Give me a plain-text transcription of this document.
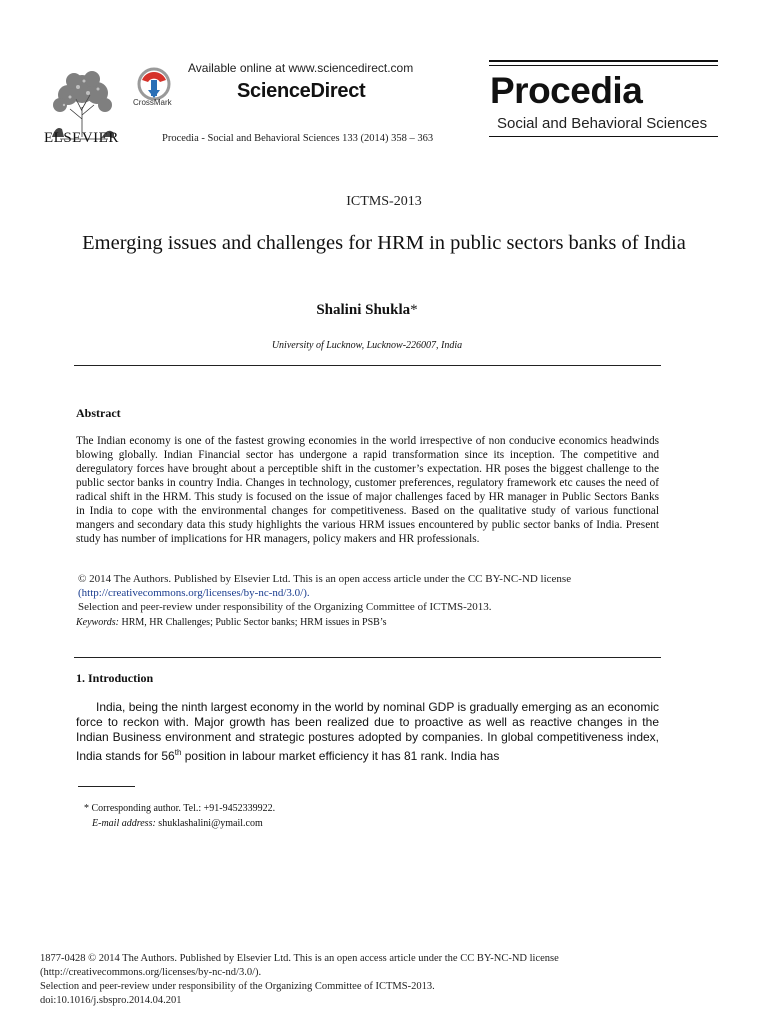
ELSEVIER
CrossMark
Available online at www.sciencedirect.com
ScienceDirect
Procedia - Social and Behavioral Sciences 133 (2014) 358 – 363
Procedia
Social and Behavioral Sciences
ICTMS-2013
Emerging issues and challenges for HRM in public sectors banks of India
Shalini Shukla*
University of Lucknow, Lucknow-226007, India
Abstract
The Indian economy is one of the fastest growing economies in the world irrespective of non conducive economics headwinds blowing globally. Indian Financial sector has undergone a rapid transformation since its inception. The competitive and deregulatory forces have brought about a perceptible shift in the customer’s expectation. HR poses the biggest challenge to the public sector banks in country India. Changes in technology, customer preferences, regulatory framework etc causes the need of radical shift in the HRM. This study is focused on the issue of major challenges faced by HR manager in Public Sectors Banks in India to cope with the environmental changes for competitiveness. Based on the qualitative study of various functional mangers and secondary data this study highlights the various HRM issues encountered by public sector banks of India. Present study has number of implications for HR managers, policy makers and HR professionals.
© 2014 The Authors. Published by Elsevier Ltd. This is an open access article under the CC BY-NC-ND license
(http://creativecommons.org/licenses/by-nc-nd/3.0/).
Selection and peer-review under responsibility of the Organizing Committee of ICTMS-2013.
Keywords: HRM, HR Challenges; Public Sector banks; HRM issues in PSB’s
1. Introduction
India, being the ninth largest economy in the world by nominal GDP is gradually emerging as an economic force to reckon with. Major growth has been realized due to proactive as well as reactive changes in the Indian Business environment and strategic postures adopted by companies. In global competitiveness index, India stands for 56th position in labour market efficiency it has 81 rank. India has
* Corresponding author. Tel.: +91-9452339922.
E-mail address: shuklashalini@ymail.com
1877-0428 © 2014 The Authors. Published by Elsevier Ltd. This is an open access article under the CC BY-NC-ND license
(http://creativecommons.org/licenses/by-nc-nd/3.0/).
Selection and peer-review under responsibility of the Organizing Committee of ICTMS-2013.
doi:10.1016/j.sbspro.2014.04.201
